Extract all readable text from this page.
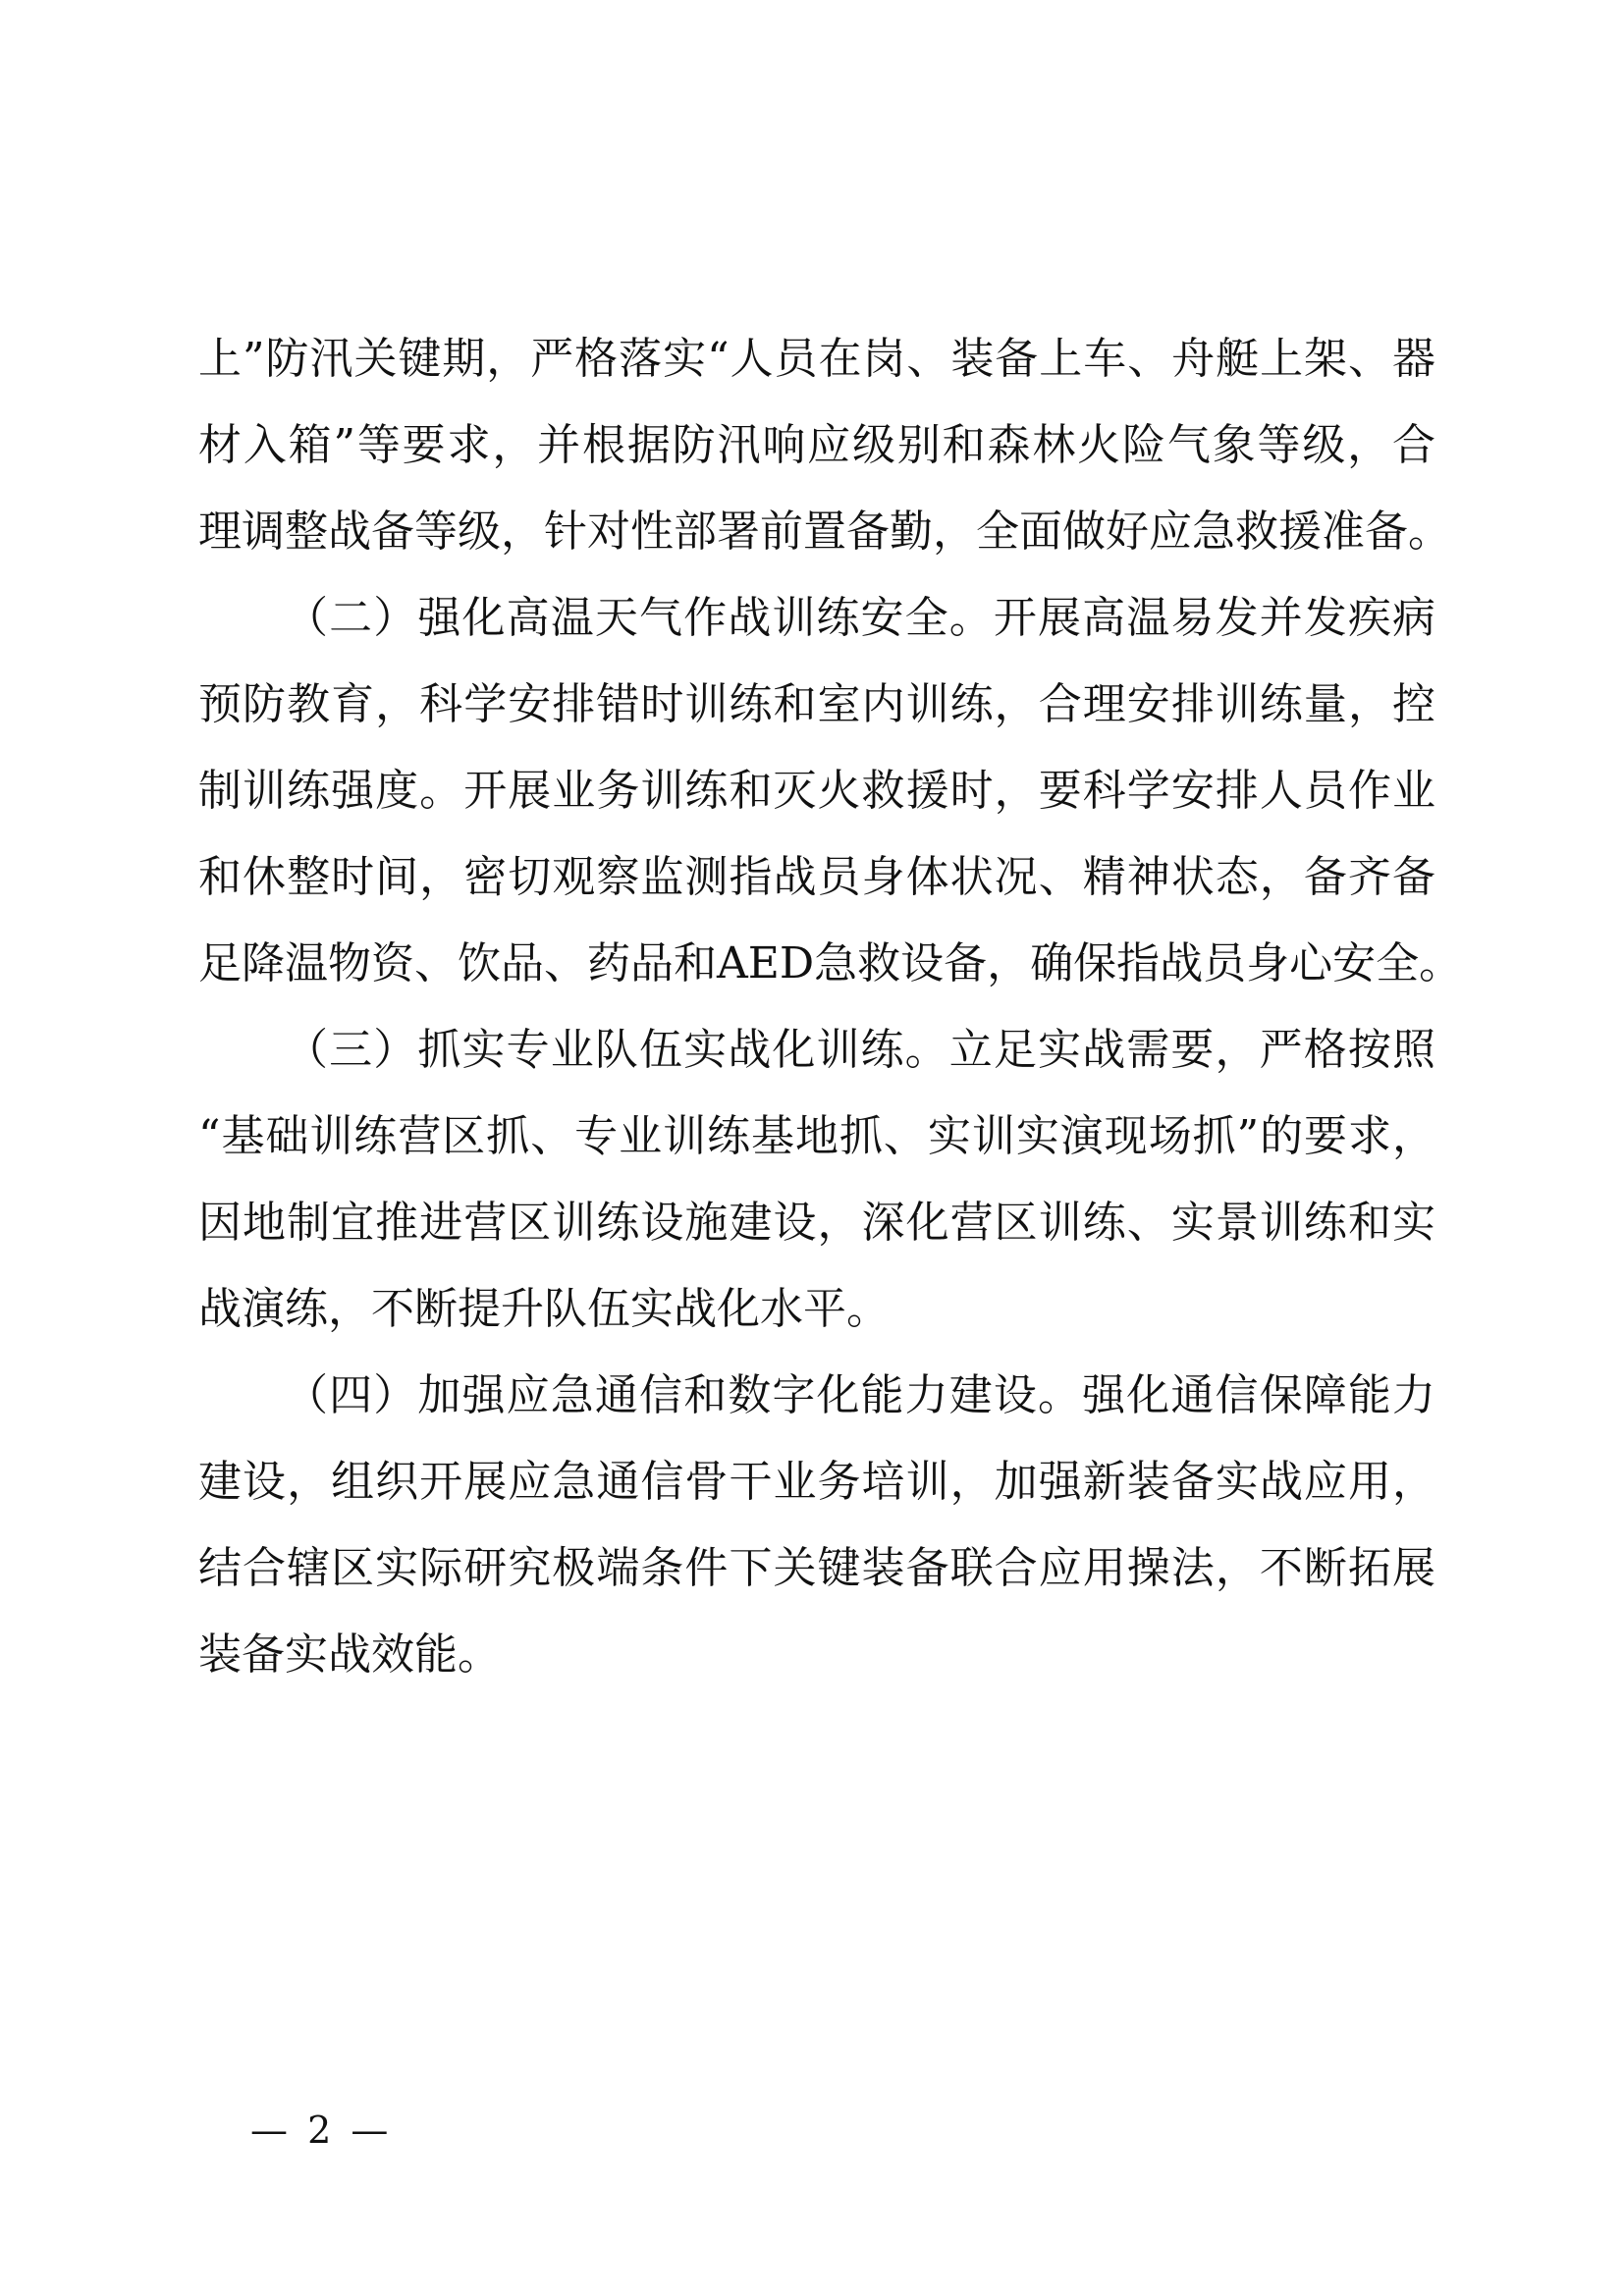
上”防汛关键期，严格落实“人员在岗、装备上车、舟艇上架、器
材入箱”等要求，并根据防汛响应级别和森林火险气象等级，合
理调整战备等级，针对性部署前置备勤，全面做好应急救援准备。
（二）强化高温天气作战训练安全。开展高温易发并发疾病
预防教育，科学安排错时训练和室内训练，合理安排训练量，控
制训练强度。开展业务训练和灭火救援时，要科学安排人员作业
和休整时间，密切观察监测指战员身体状况、精神状态，备齐备
足降温物资、饮品、药品和AED急救设备，确保指战员身心安全。
（三）抓实专业队伍实战化训练。立足实战需要，严格按照
“基础训练营区抓、专业训练基地抓、实训实演现场抓”的要求，
因地制宜推进营区训练设施建设，深化营区训练、实景训练和实
战演练，不断提升队伍实战化水平。
（四）加强应急通信和数字化能力建设。强化通信保障能力
建设，组织开展应急通信骨干业务培训，加强新装备实战应用，
结合辖区实际研究极端条件下关键装备联合应用操法，不断拓展
装备实战效能。
— 2 —
